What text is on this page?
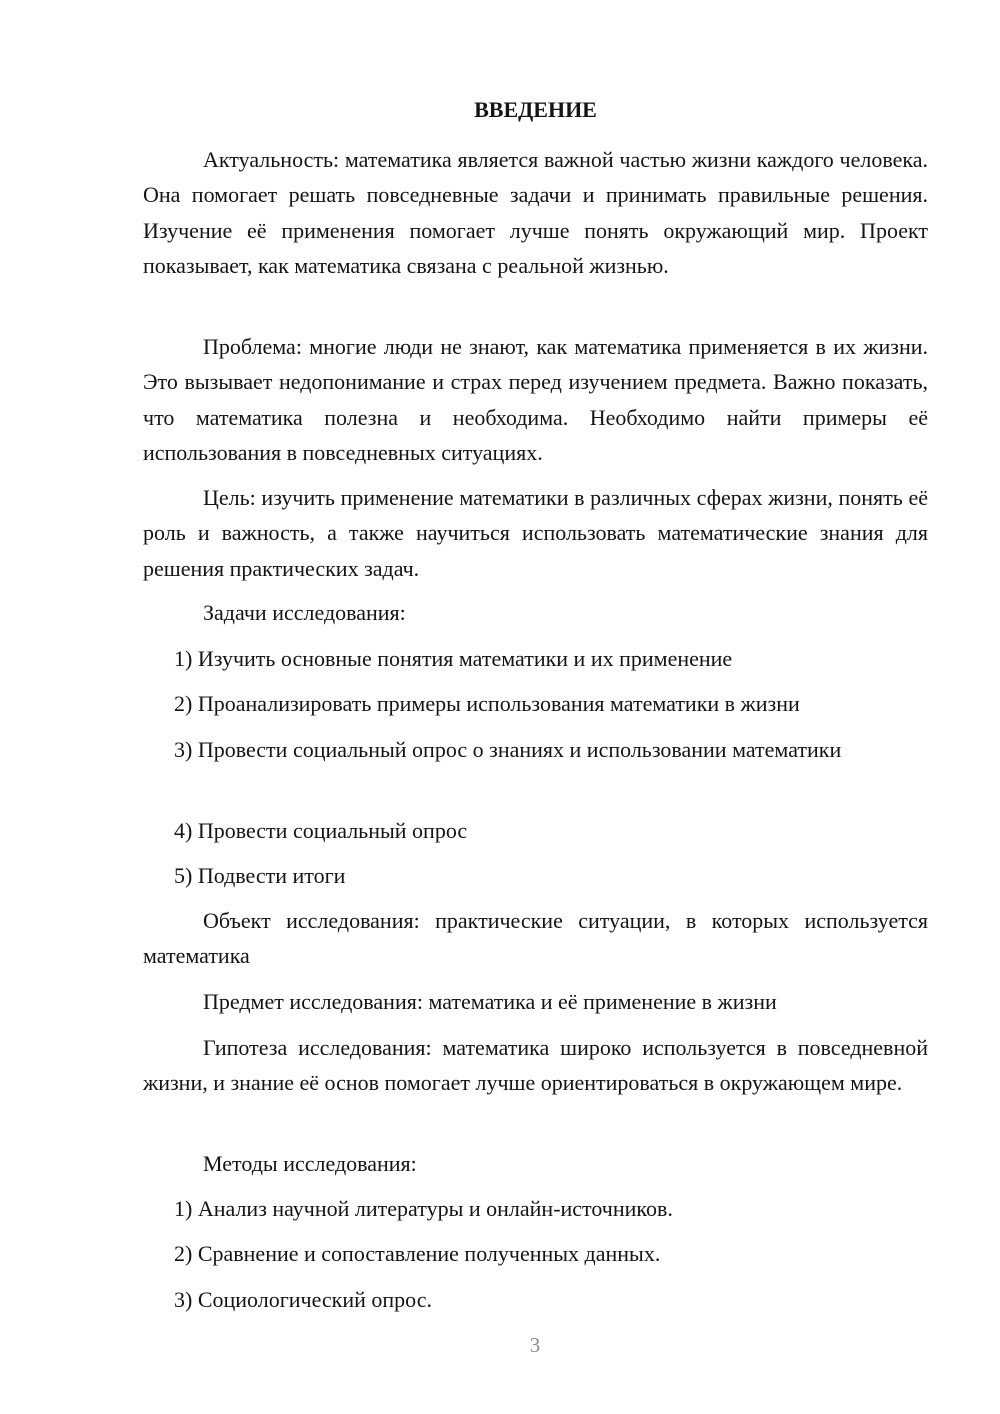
ВВЕДЕНИЕ

Актуальность: математика является важной частью жизни каждого человека. Она помогает решать повседневные задачи и принимать правильные решения. Изучение её применения помогает лучше понять окружающий мир. Проект показывает, как математика связана с реальной жизнью.

Проблема: многие люди не знают, как математика применяется в их жизни. Это вызывает недопонимание и страх перед изучением предмета. Важно показать, что математика полезна и необходима. Необходимо найти примеры её использования в повседневных ситуациях.

Цель: изучить применение математики в различных сферах жизни, понять её роль и важность, а также научиться использовать математические знания для решения практических задач.

Задачи исследования:

1) Изучить основные понятия математики и их применение

2) Проанализировать примеры использования математики в жизни

3) Провести социальный опрос о знаниях и использовании математики

4) Провести социальный опрос

5) Подвести итоги

Объект исследования: практические ситуации, в которых используется математика

Предмет исследования: математика и её применение в жизни

Гипотеза исследования: математика широко используется в повседневной жизни, и знание её основ помогает лучше ориентироваться в окружающем мире.

Методы исследования:

1) Анализ научной литературы и онлайн-источников.

2) Сравнение и сопоставление полученных данных.

3) Социологический опрос.

3
